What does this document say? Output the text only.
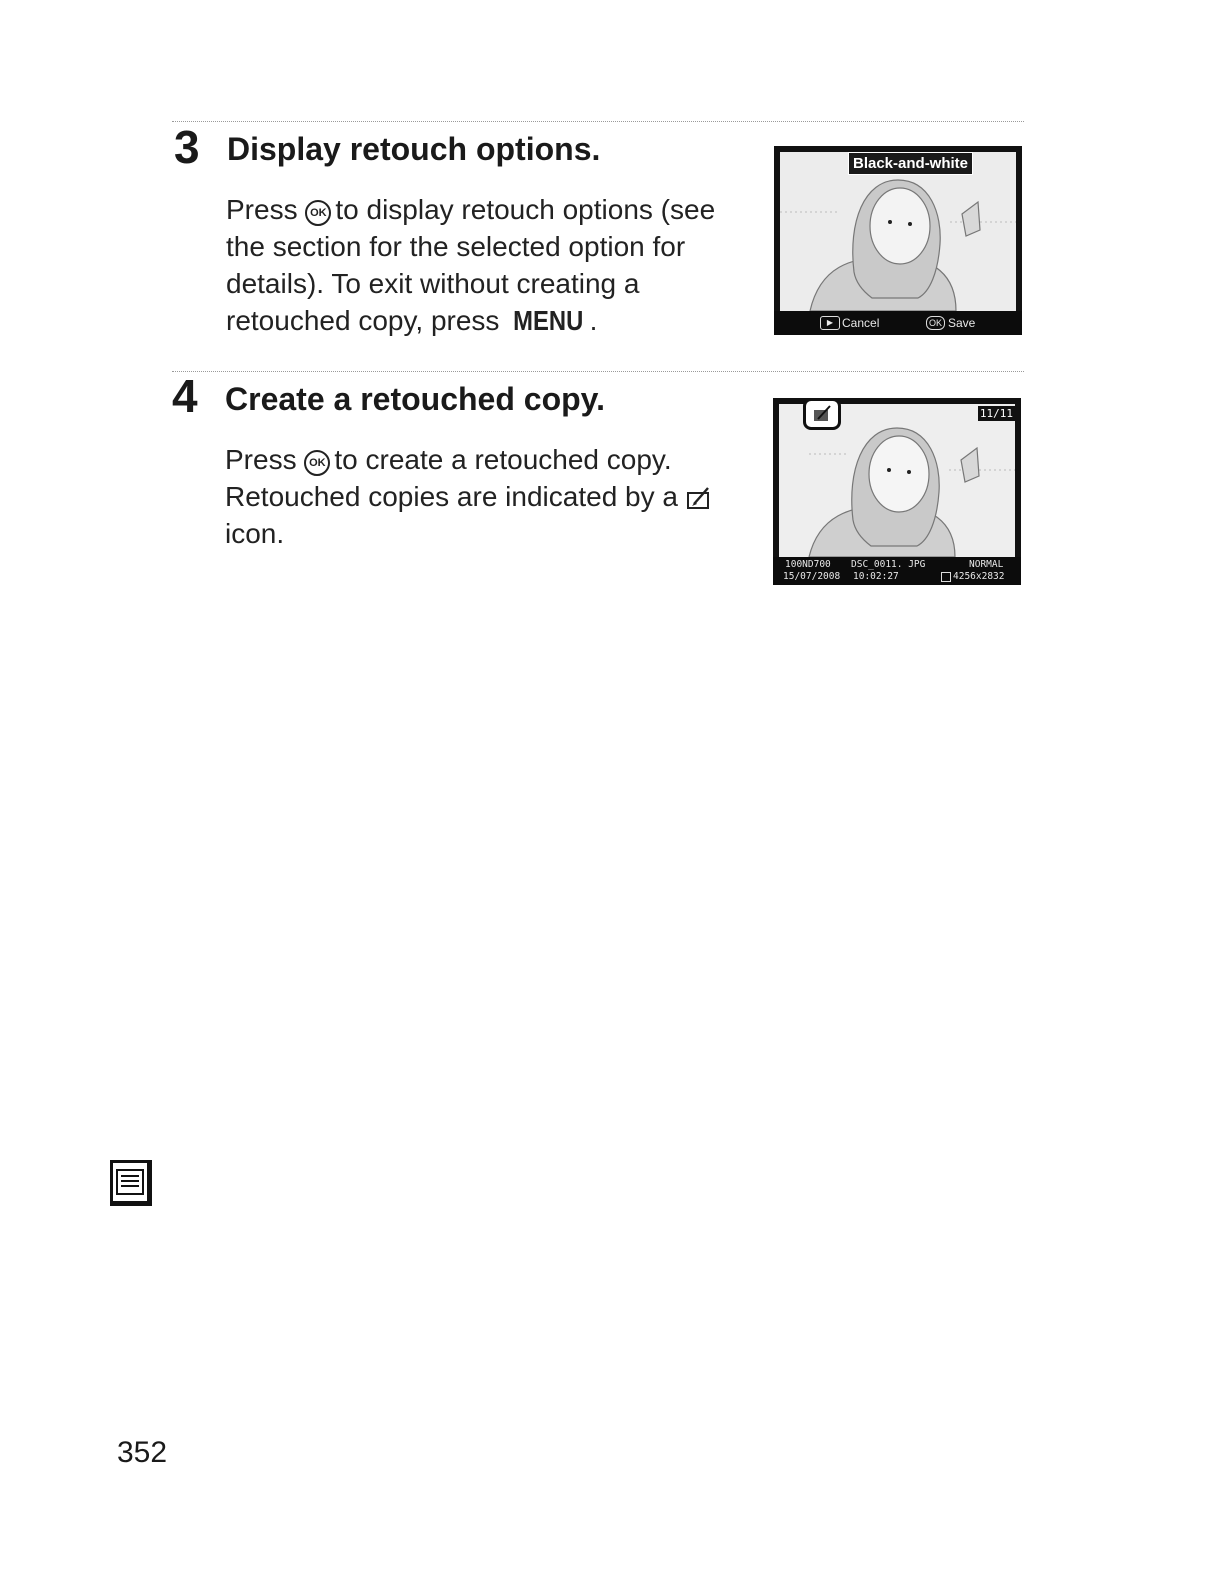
3 Display retouch options.
Press OK to display retouch options (see the section for the selected option for details). To exit without creating a retouched copy, press MENU .
Black-and-white
▶ Cancel	OK Save
4 Create a retouched copy.
Press OK to create a retouched copy. Retouched copies are indicated by a  icon.
11/11
100ND700 DSC_0011. JPG	NORMAL
15/07/2008 10:02:27	4256x2832
352
